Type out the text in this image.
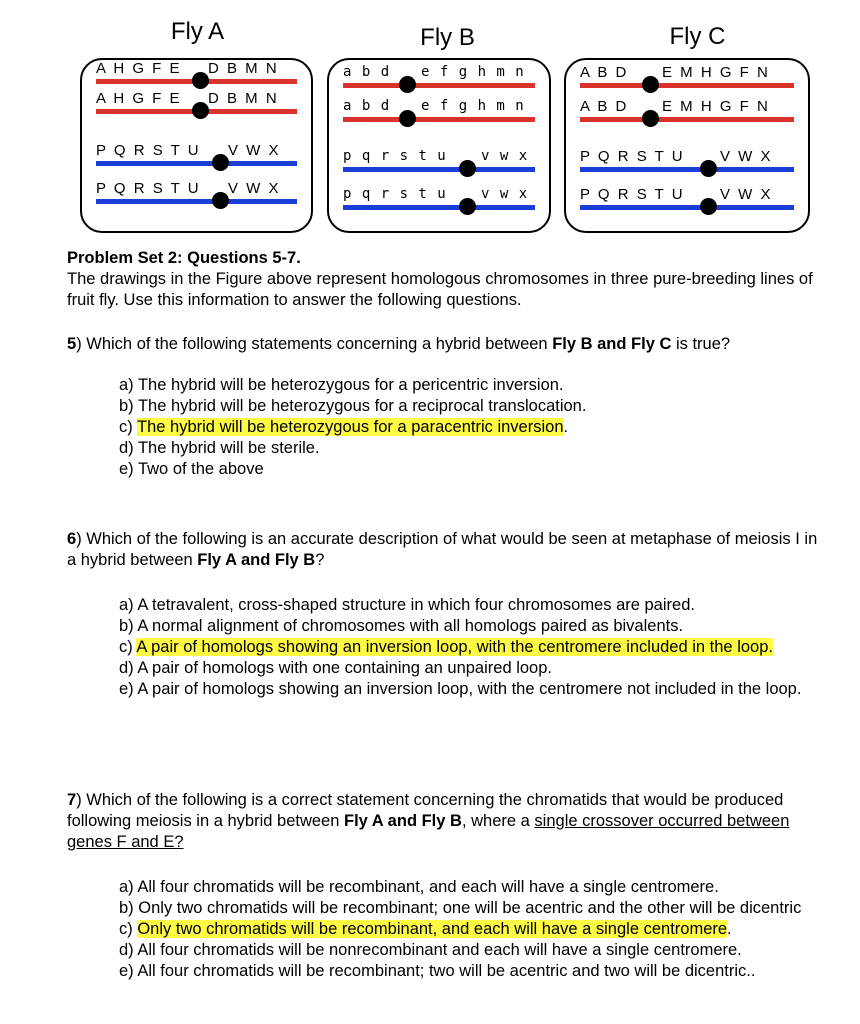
Fly A	Fly B	Fly C
A H G F E D B M N
A H G F E D B M N
P Q R S T U V W X
P Q R S T U V W X
a b d e f g h m n
a b d e f g h m n
p q r s t u v w x
p q r s t u v w x
A B D E M H G F N
A B D E M H G F N
P Q R S T U V W X
P Q R S T U V W X
Problem Set 2: Questions 5-7.
The drawings in the Figure above represent homologous chromosomes in three pure-breeding lines of fruit fly. Use this information to answer the following questions.

5) Which of the following statements concerning a hybrid between Fly B and Fly C is true?

a) The hybrid will be heterozygous for a pericentric inversion.

b) The hybrid will be heterozygous for a reciprocal translocation.

c) The hybrid will be heterozygous for a paracentric inversion.

d) The hybrid will be sterile.

e) Two of the above

6) Which of the following is an accurate description of what would be seen at metaphase of meiosis I in a hybrid between Fly A and Fly B?

a) A tetravalent, cross-shaped structure in which four chromosomes are paired.

b) A normal alignment of chromosomes with all homologs paired as bivalents.

c) A pair of homologs showing an inversion loop, with the centromere included in the loop.

d) A pair of homologs with one containing an unpaired loop.

e) A pair of homologs showing an inversion loop, with the centromere not included in the loop.

7) Which of the following is a correct statement concerning the chromatids that would be produced following meiosis in a hybrid between Fly A and Fly B, where a single crossover occurred between genes F and E?

a) All four chromatids will be recombinant, and each will have a single centromere.

b) Only two chromatids will be recombinant; one will be acentric and the other will be dicentric

c) Only two chromatids will be recombinant, and each will have a single centromere.

d) All four chromatids will be nonrecombinant and each will have a single centromere.

e) All four chromatids will be recombinant; two will be acentric and two will be dicentric..
